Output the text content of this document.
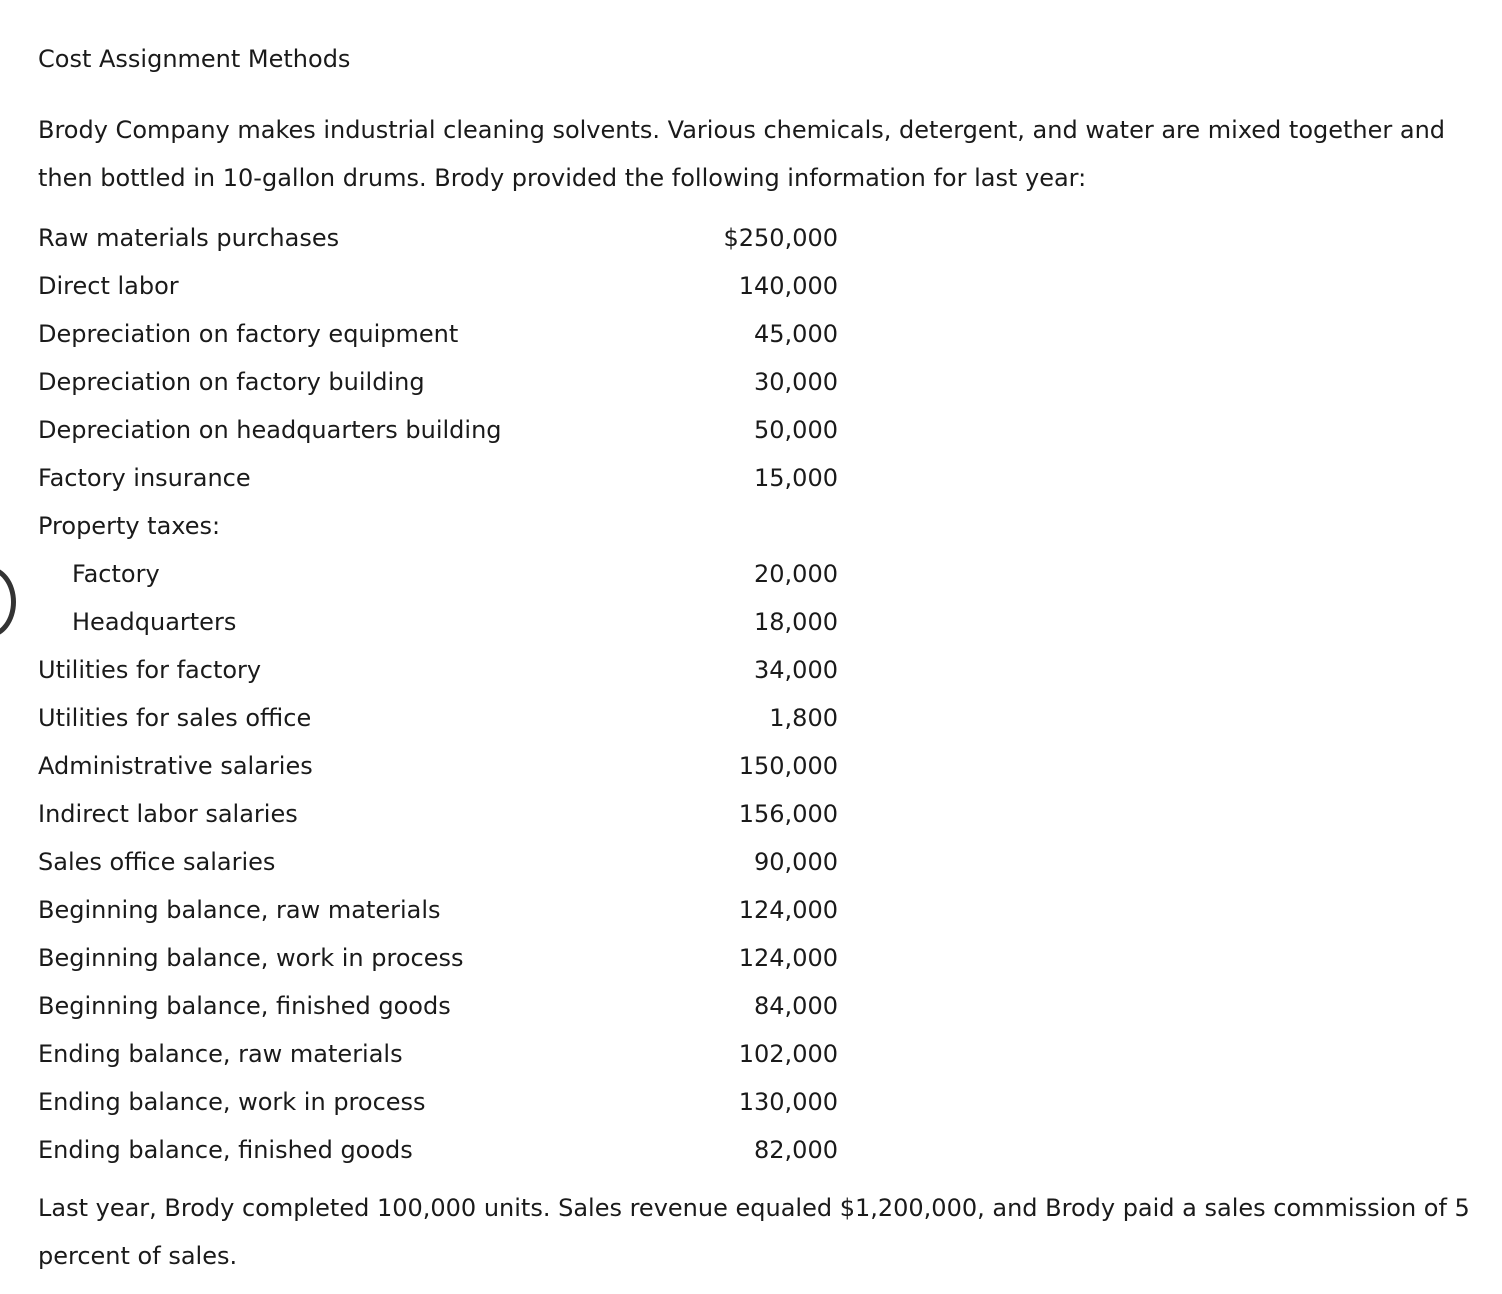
Cost Assignment Methods
Brody Company makes industrial cleaning solvents. Various chemicals, detergent, and water are mixed together and then bottled in 10-gallon drums. Brody provided the following information for last year:
Raw materials purchases	$250,000
Direct labor	140,000
Depreciation on factory equipment	45,000
Depreciation on factory building	30,000
Depreciation on headquarters building	50,000
Factory insurance	15,000
Property taxes:
Factory	20,000
Headquarters	18,000
Utilities for factory	34,000
Utilities for sales office	1,800
Administrative salaries	150,000
Indirect labor salaries	156,000
Sales office salaries	90,000
Beginning balance, raw materials	124,000
Beginning balance, work in process	124,000
Beginning balance, finished goods	84,000
Ending balance, raw materials	102,000
Ending balance, work in process	130,000
Ending balance, finished goods	82,000
Last year, Brody completed 100,000 units. Sales revenue equaled $1,200,000, and Brody paid a sales commission of 5 percent of sales.
